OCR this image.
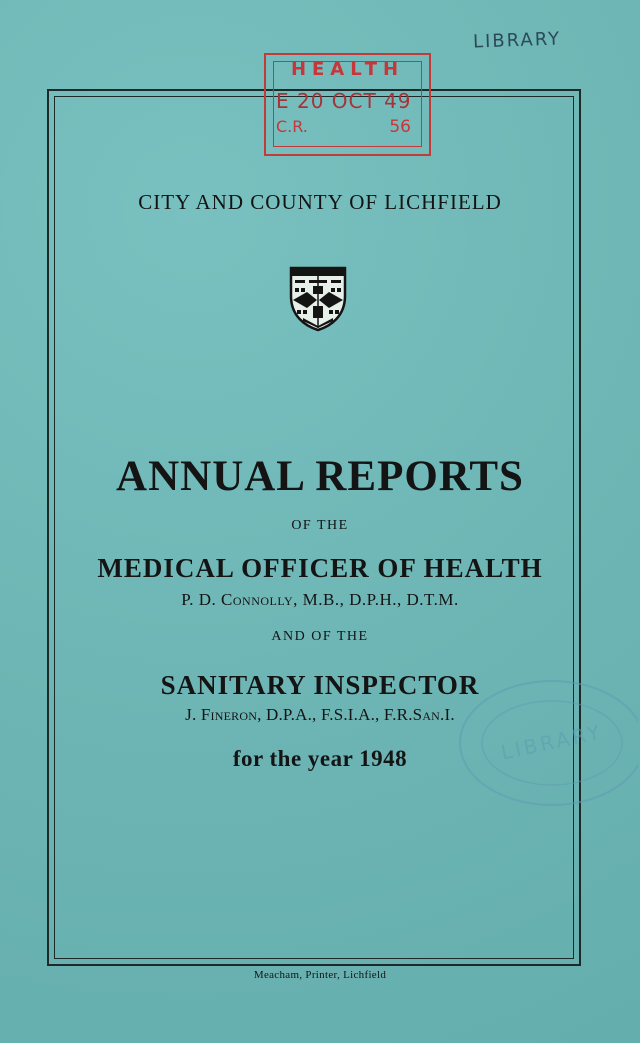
LIBRARY
HEALTH
E 20 OCT 49
C.R.	56
CITY AND COUNTY OF LICHFIELD
ANNUAL REPORTS
OF THE
MEDICAL OFFICER OF HEALTH
P. D. Connolly, M.B., D.P.H., D.T.M.
AND OF THE
SANITARY INSPECTOR
J. Fineron, D.P.A., F.S.I.A., F.R.San.I.
for the year 1948
Meacham, Printer, Lichfield
LIBRARY
